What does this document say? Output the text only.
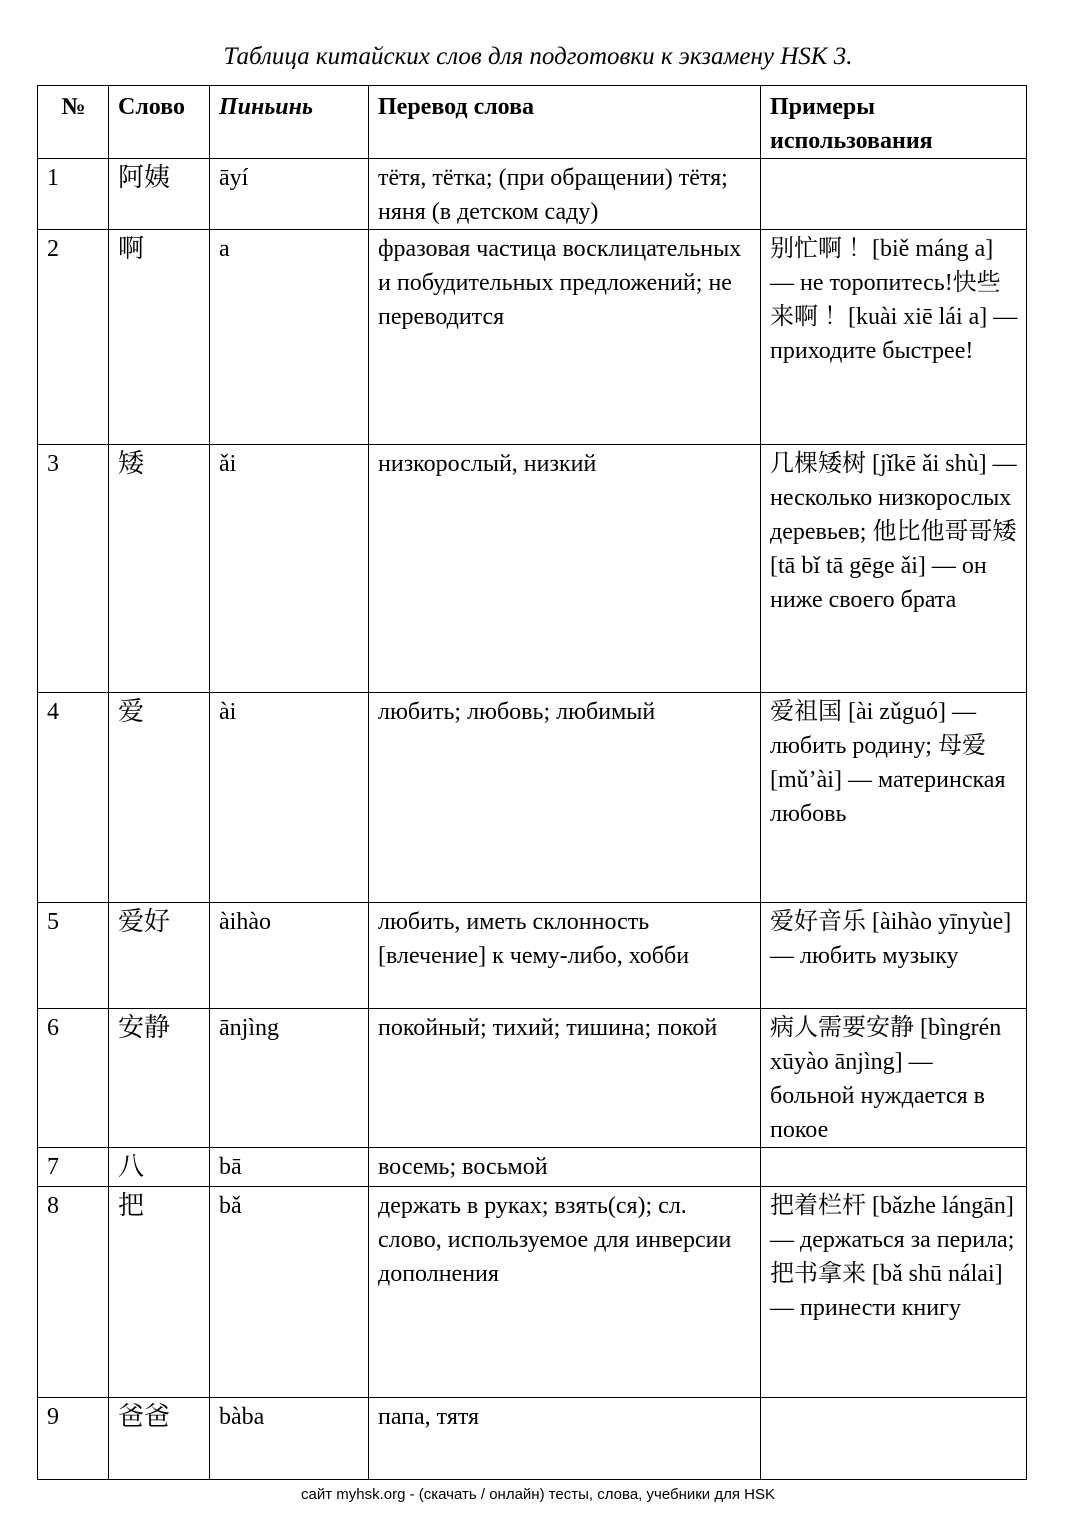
Таблица китайских слов для подготовки к экзамену HSK 3.
№	Слово	Пиньинь	Перевод слова	Примеры использования
1	阿姨	āyí	тётя, тётка; (при обращении) тётя; няня (в детском саду)	
2	啊	a	фразовая частица восклицательных и побудительных предложений; не переводится	别忙啊 ！[biě máng a] — не торопитесь!快些来啊 ！[kuài xiē lái a] — приходите быстрее!
3	矮	ǎi	низкорослый, низкий	几棵矮树 [jǐkē ǎi shù] — несколько низкорослых деревьев; 他比他哥哥矮 [tā bǐ tā gēge ǎi] — он ниже своего брата
4	爱	ài	любить; любовь; любимый	爱祖国 [ài zǔguó] — любить родину; 母爱 [mǔ’ài] — материнская любовь
5	爱好	àihào	любить, иметь склонность [влечение] к чему-либо, хобби	爱好音乐 [àihào yīnyùe] — любить музыку
6	安静	ānjìng	покойный; тихий; тишина; покой	病人需要安静 [bìngrén xūyào ānjìng] — больной нуждается в покое
7	八	bā	восемь; восьмой	
8	把	bǎ	держать в руках; взять(ся); сл. слово, используемое для инверсии дополнения	把着栏杆 [bǎzhe lángān] — держаться за перила; 把书拿来 [bǎ shū nálai] — принести книгу
9	爸爸	bàba	папа, тятя	
сайт myhsk.org - (скачать / онлайн) тесты, слова, учебники для HSK
